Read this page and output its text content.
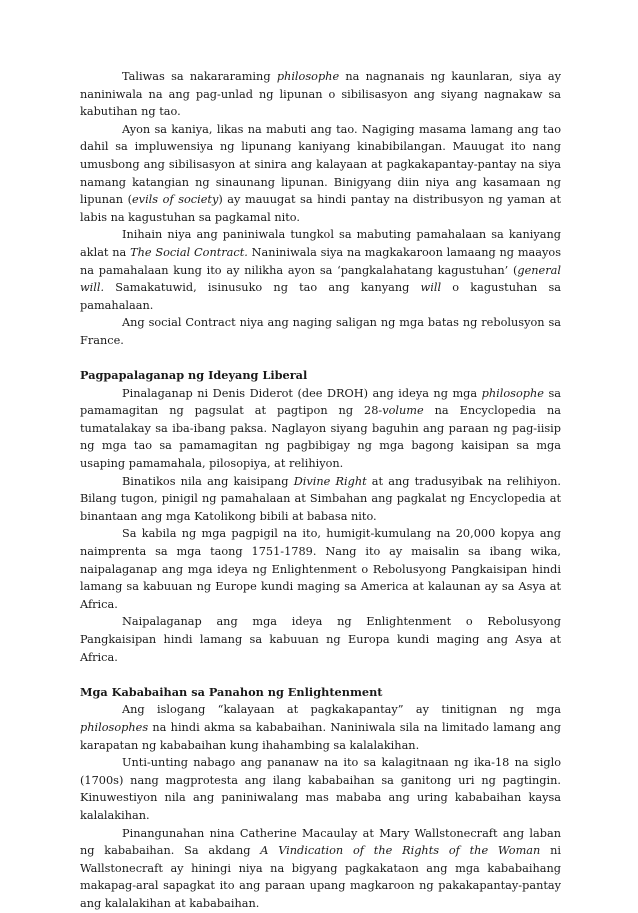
Taliwas sa nakararaming philosophe na nagnanais ng kaunlaran, siya ay naniniwala na ang pag-unlad ng lipunan o sibilisasyon ang siyang nagnakaw sa kabutihan ng tao.

Ayon sa kaniya, likas na mabuti ang tao. Nagiging masama lamang ang tao dahil sa impluwensiya ng lipunang kaniyang kinabibilangan. Mauugat ito nang umusbong ang sibilisasyon at sinira ang kalayaan at pagkakapantay-pantay na siya namang katangian ng sinaunang lipunan. Binigyang diin niya ang kasamaan ng lipunan (evils of society) ay mauugat sa hindi pantay na distribusyon ng yaman at labis na kagustuhan sa pagkamal nito.

Inihain niya ang paniniwala tungkol sa mabuting pamahalaan sa kaniyang aklat na The Social Contract. Naniniwala siya na magkakaroon lamaang ng maayos na pamahalaan kung ito ay nilikha ayon sa ‘pangkalahatang kagustuhan’ (general will. Samakatuwid, isinusuko ng tao ang kanyang will o kagustuhan sa pamahalaan.

Ang social Contract niya ang naging saligan ng mga batas ng rebolusyon sa France.

Pagpapalaganap ng Ideyang Liberal

Pinalaganap ni Denis Diderot (dee DROH) ang ideya ng mga philosophe sa pamamagitan ng pagsulat at pagtipon ng 28-volume na Encyclopedia na tumatalakay sa iba-ibang paksa. Naglayon siyang baguhin ang paraan ng pag-iisip ng mga tao sa pamamagitan ng pagbibigay ng mga bagong kaisipan sa mga usaping pamamahala, pilosopiya, at relihiyon.

Binatikos nila ang kaisipang Divine Right at ang tradusyibak na relihiyon. Bilang tugon, pinigil ng pamahalaan at Simbahan ang pagkalat ng Encyclopedia at binantaan ang mga Katolikong bibili at babasa nito.

Sa kabila ng mga pagpigil na ito, humigit-kumulang na 20,000 kopya ang naimprenta sa mga taong 1751-1789. Nang ito ay maisalin sa ibang wika, naipalaganap ang mga ideya ng Enlightenment o Rebolusyong Pangkaisipan hindi lamang sa kabuuan ng Europe kundi maging sa America at kalaunan ay sa Asya at Africa.

Naipalaganap ang mga ideya ng Enlightenment o Rebolusyong Pangkaisipan hindi lamang sa kabuuan ng Europa kundi maging ang Asya at Africa.

Mga Kababaihan sa Panahon ng Enlightenment

Ang islogang “kalayaan at pagkakapantay” ay tinitignan ng mga philosophes na hindi akma sa kababaihan. Naniniwala sila na limitado lamang ang karapatan ng kababaihan kung ihahambing sa kalalakihan.

Unti-unting nabago ang pananaw na ito sa kalagitnaan ng ika-18 na siglo (1700s) nang magprotesta ang ilang kababaihan sa ganitong uri ng pagtingin. Kinuwestiyon nila ang paniniwalang mas mababa ang uring kababaihan kaysa kalalakihan.

Pinangunahan nina Catherine Macaulay at Mary Wallstonecraft ang laban ng kababaihan. Sa akdang A Vindication of the Rights of the Woman ni Wallstonecraft ay hiningi niya na bigyang pagkakataon ang mga kababaihang makapag-aral sapagkat ito ang paraan upang magkaroon ng pakakapantay-pantay ang kalalakihan at kababaihan.
